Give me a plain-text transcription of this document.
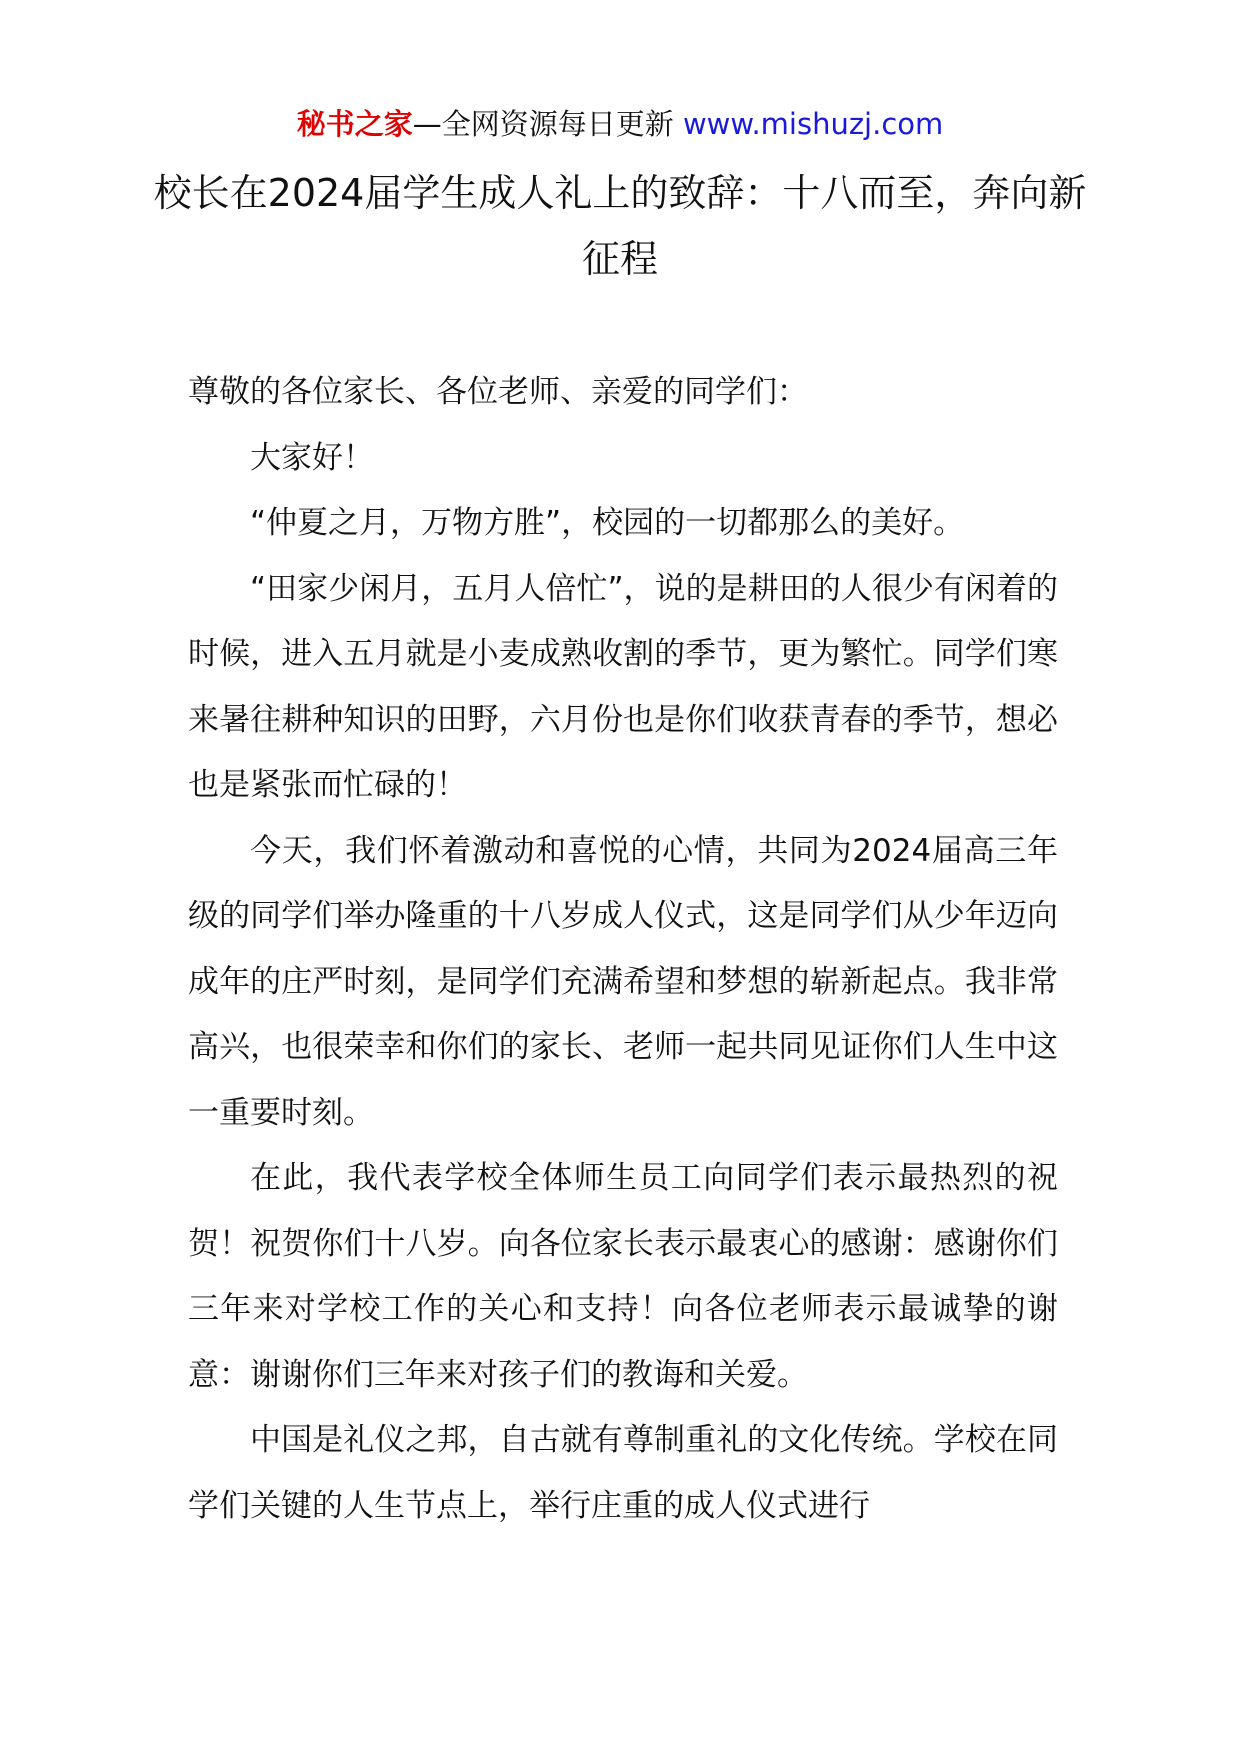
秘书之家—全网资源每日更新 www.mishuzj.com
校长在2024届学生成人礼上的致辞：十八而至，奔向新征程

尊敬的各位家长、各位老师、亲爱的同学们：

大家好！

“仲夏之月，万物方胜”，校园的一切都那么的美好。

“田家少闲月，五月人倍忙”，说的是耕田的人很少有闲着的时候，进入五月就是小麦成熟收割的季节，更为繁忙。同学们寒来暑往耕种知识的田野，六月份也是你们收获青春的季节，想必也是紧张而忙碌的！

今天，我们怀着激动和喜悦的心情，共同为2024届高三年级的同学们举办隆重的十八岁成人仪式，这是同学们从少年迈向成年的庄严时刻，是同学们充满希望和梦想的崭新起点。我非常高兴，也很荣幸和你们的家长、老师一起共同见证你们人生中这一重要时刻。

在此，我代表学校全体师生员工向同学们表示最热烈的祝贺！祝贺你们十八岁。向各位家长表示最衷心的感谢：感谢你们三年来对学校工作的关心和支持！向各位老师表示最诚挚的谢意：谢谢你们三年来对孩子们的教诲和关爱。

中国是礼仪之邦，自古就有尊制重礼的文化传统。学校在同学们关键的人生节点上，举行庄重的成人仪式进行
